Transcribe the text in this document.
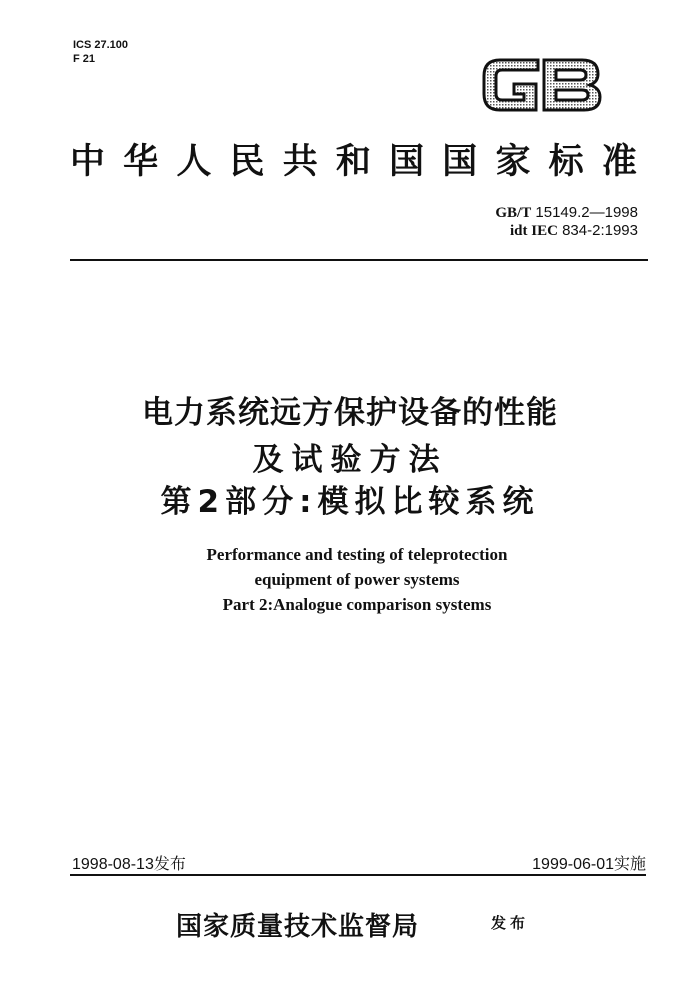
ICS 27.100
F 21
中 华 人 民 共 和 国 国 家 标 准
GB/T 15149.2—1998
idt IEC 834-2:1993
电力系统远方保护设备的性能
及试验方法
第2部分:模拟比较系统
Performance and testing of teleprotection
equipment of power systems
Part 2:Analogue comparison systems
1998-08-13发布	1999-06-01实施
国家质量技术监督局	发布
